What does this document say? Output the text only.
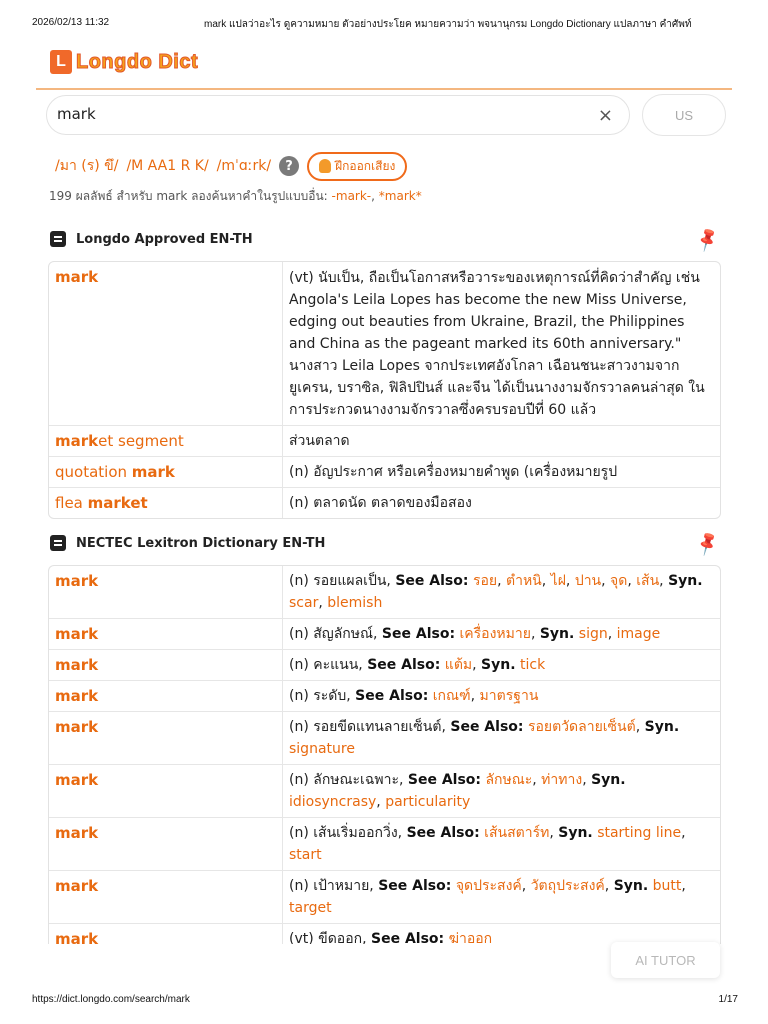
2026/02/13 11:32	mark แปลว่าอะไร ดูความหมาย ตัวอย่างประโยค หมายความว่า พจนานุกรม Longdo Dictionary แปลภาษา คำศัพท์
L Longdo Dict
mark
×	US
/มา (ร) ขึ/ /M AA1 R K/ /mˈɑːrk/	?	ฝึกออกเสียง
199 ผลลัพธ์ สำหรับ mark ลองค้นหาคำในรูปแบบอื่น: -mark-, *mark*
Longdo Approved EN-TH	📌
mark	(vt) นับเป็น, ถือเป็นโอกาสหรือวาระของเหตุการณ์ที่คิดว่าสำคัญ เช่น Angola's Leila Lopes has become the new Miss Universe, edging out beauties from Ukraine, Brazil, the Philippines and China as the pageant marked its 60th anniversary." นางสาว Leila Lopes จากประเทศอังโกลา เฉือนชนะสาวงามจากยูเครน, บราซิล, ฟิลิปปินส์ และจีน ได้เป็นนางงามจักรวาลคนล่าสุด ในการประกวดนางงามจักรวาลซึ่งครบรอบปีที่ 60 แล้ว
market segment	ส่วนตลาด
quotation mark	(n) อัญประกาศ หรือเครื่องหมายคำพูด (เครื่องหมายรูป
flea market	(n) ตลาดนัด ตลาดของมือสอง
NECTEC Lexitron Dictionary EN-TH	📌
mark	(n) รอยแผลเป็น, See Also: รอย, ตำหนิ, ไฝ, ปาน, จุด, เส้น, Syn. scar, blemish
mark	(n) สัญลักษณ์, See Also: เครื่องหมาย, Syn. sign, image
mark	(n) คะแนน, See Also: แต้ม, Syn. tick
mark	(n) ระดับ, See Also: เกณฑ์, มาตรฐาน
mark	(n) รอยขีดแทนลายเซ็นต์, See Also: รอยตวัดลายเซ็นต์, Syn. signature
mark	(n) ลักษณะเฉพาะ, See Also: ลักษณะ, ท่าทาง, Syn. idiosyncrasy, particularity
mark	(n) เส้นเริ่มออกวิ่ง, See Also: เส้นสตาร์ท, Syn. starting line, start
mark	(n) เป้าหมาย, See Also: จุดประสงค์, วัตถุประสงค์, Syn. butt, target
mark	(vt) ขีดออก, See Also: ฆ่าออก
AI TUTOR
https://dict.longdo.com/search/mark	1/17
